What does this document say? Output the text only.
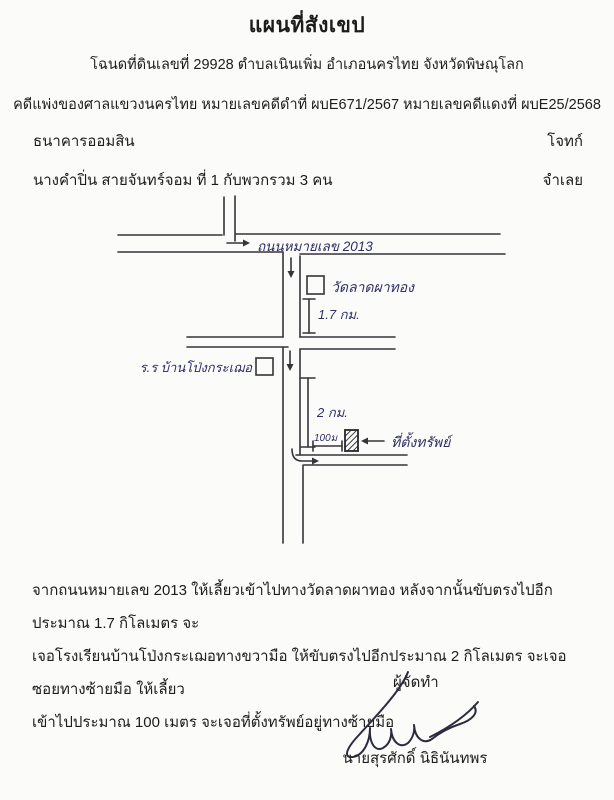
แผนที่สังเขป
โฉนดที่ดินเลขที่ 29928 ตำบลเนินเพิ่ม อำเภอนครไทย จังหวัดพิษณุโลก
คดีแพ่งของศาลแขวงนครไทย หมายเลขคดีดำที่ ผบE671/2567 หมายเลขคดีแดงที่ ผบE25/2568
ธนาคารออมสิน	โจทก์
นางคำปิ่น สายจันทร์จอม ที่ 1 กับพวกรวม 3 คน	จำเลย
ถนนหมายเลข 2013
วัดลาดผาทอง
1.7 กม.
ร.ร บ้านโป่งกระเฌอ
2 กม.
100ม	ที่ตั้งทรัพย์
จากถนนหมายเลข 2013 ให้เลี้ยวเข้าไปทางวัดลาดผาทอง หลังจากนั้นขับตรงไปอีกประมาณ 1.7 กิโลเมตร จะ
เจอโรงเรียนบ้านโป่งกระเฌอทางขวามือ ให้ขับตรงไปอีกประมาณ 2 กิโลเมตร จะเจอซอยทางซ้ายมือ ให้เลี้ยว
เข้าไปประมาณ 100 เมตร จะเจอที่ตั้งทรัพย์อยู่ทางซ้ายมือ
ผู้จัดทำ
นายสุรศักดิ์ นิธินันทพร
